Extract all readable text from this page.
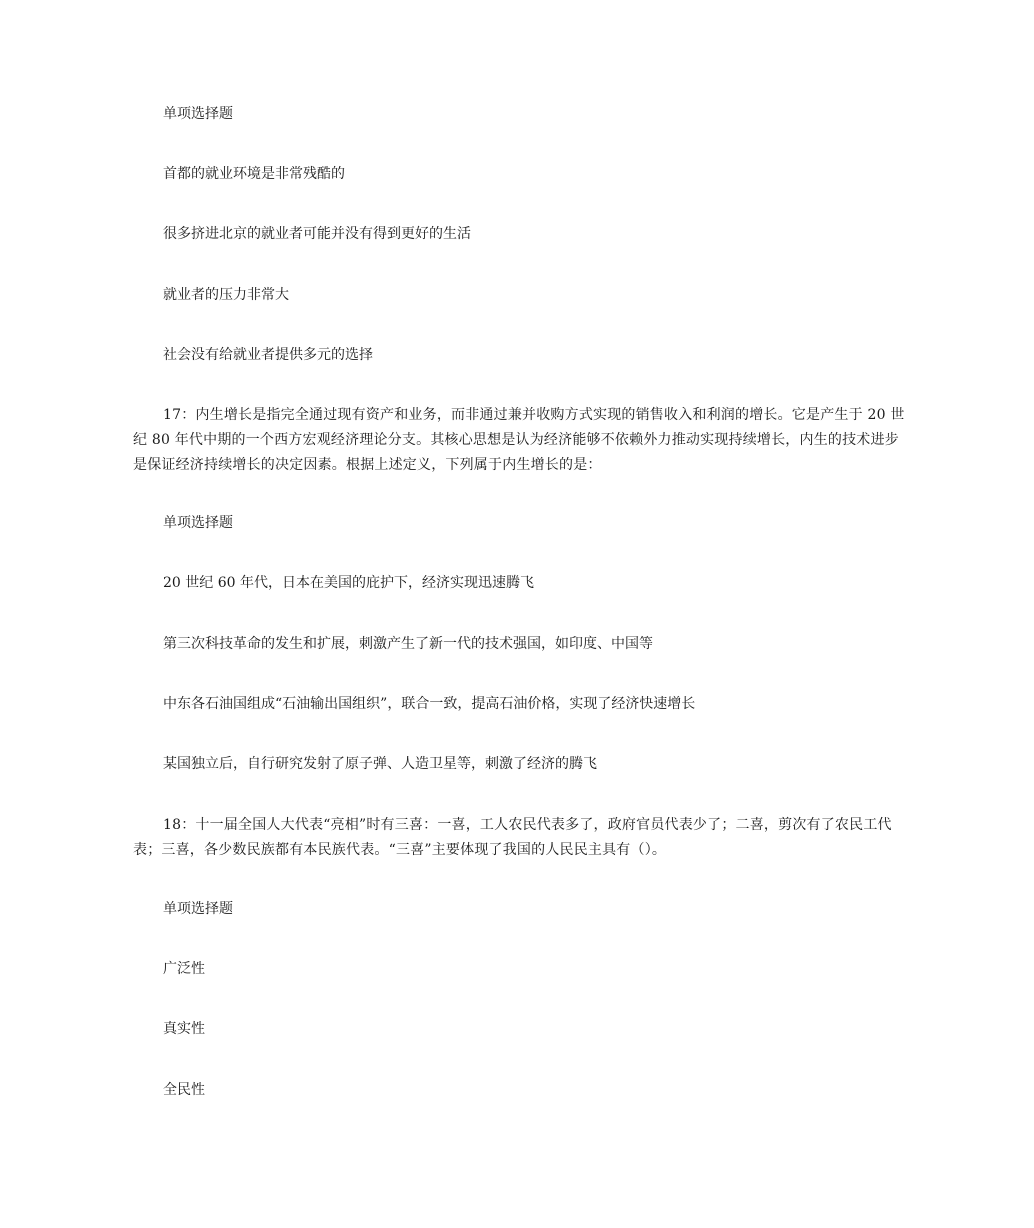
单项选择题
首都的就业环境是非常残酷的
很多挤进北京的就业者可能并没有得到更好的生活
就业者的压力非常大
社会没有给就业者提供多元的选择
17：内生增长是指完全通过现有资产和业务，而非通过兼并收购方式实现的销售收入和利润的增长。它是产生于 20 世纪 80 年代中期的一个西方宏观经济理论分支。其核心思想是认为经济能够不依赖外力推动实现持续增长，内生的技术进步是保证经济持续增长的决定因素。根据上述定义，下列属于内生增长的是：
单项选择题
20 世纪 60 年代，日本在美国的庇护下，经济实现迅速腾飞
第三次科技革命的发生和扩展，刺激产生了新一代的技术强国，如印度、中国等
中东各石油国组成“石油输出国组织”，联合一致，提高石油价格，实现了经济快速增长
某国独立后，自行研究发射了原子弹、人造卫星等，刺激了经济的腾飞
18：十一届全国人大代表“亮相”时有三喜：一喜，工人农民代表多了，政府官员代表少了；二喜，剪次有了农民工代表；三喜，各少数民族都有本民族代表。“三喜”主要体现了我国的人民民主具有（）。
单项选择题
广泛性
真实性
全民性
